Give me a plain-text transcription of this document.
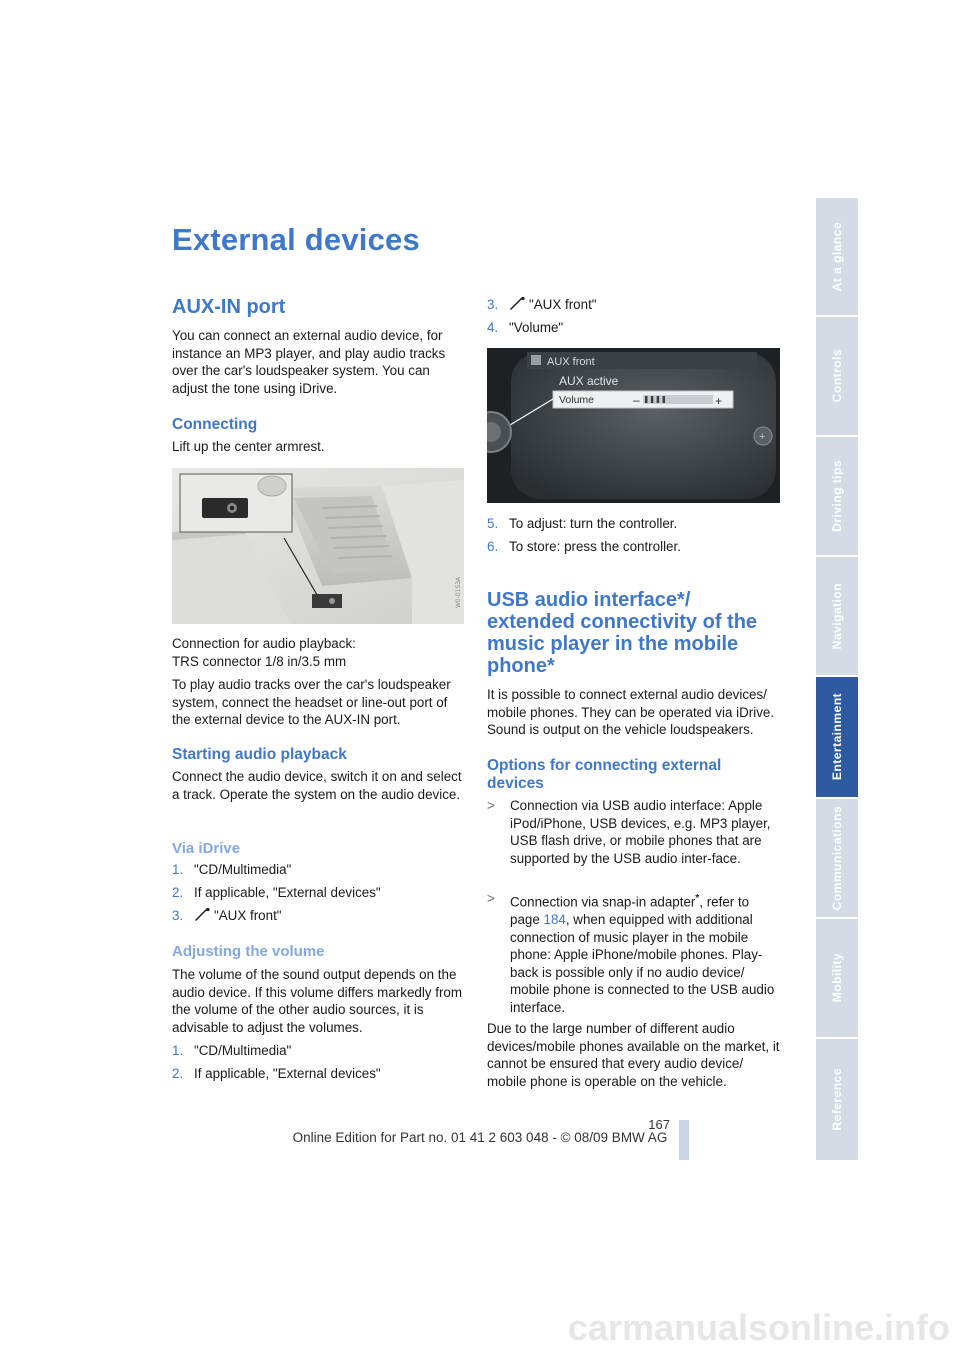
External devices
AUX-IN port

You can connect an external audio device, for instance an MP3 player, and play audio tracks over the car's loudspeaker system. You can adjust the tone using iDrive.

Connecting

Lift up the center armrest.

W0-01S3A

Connection for audio playback:

TRS connector 1/8 in/3.5 mm

To play audio tracks over the car's loudspeaker system, connect the headset or line-out port of the external device to the AUX-IN port.

Starting audio playback

Connect the audio device, switch it on and select a track. Operate the system on the audio device.

Via iDrive
1. "CD/Multimedia"
2. If applicable, "External devices"
3. "AUX front"
Adjusting the volume

The volume of the sound output depends on the audio device. If this volume differs markedly from the volume of the other audio sources, it is advisable to adjust the volumes.

1. "CD/Multimedia"
2. If applicable, "External devices"
3. "AUX front"
4. "Volume"
AUX front
AUX active
Volume	–	+
+
5. To adjust: turn the controller.
6. To store: press the controller.
USB audio interface*/
extended connectivity of the
music player in the mobile
phone*

It is possible to connect external audio devices/ mobile phones. They can be operated via iDrive. Sound is output on the vehicle loudspeakers.

Options for connecting external
devices
> Connection via USB audio interface: Apple iPod/iPhone, USB devices, e.g. MP3 player, USB flash drive, or mobile phones that are supported by the USB audio inter-face.
> Connection via snap-in adapter*, refer to page 184, when equipped with additional connection of music player in the mobile phone: Apple iPhone/mobile phones. Play-back is possible only if no audio device/ mobile phone is connected to the USB audio interface.

Due to the large number of different audio devices/mobile phones available on the market, it cannot be ensured that every audio device/ mobile phone is operable on the vehicle.

At a glance
Controls
Driving tips
Navigation
Entertainment
Communications
Mobility
Reference
167
Online Edition for Part no. 01 41 2 603 048 - © 08/09 BMW AG
carmanualsonline.info
